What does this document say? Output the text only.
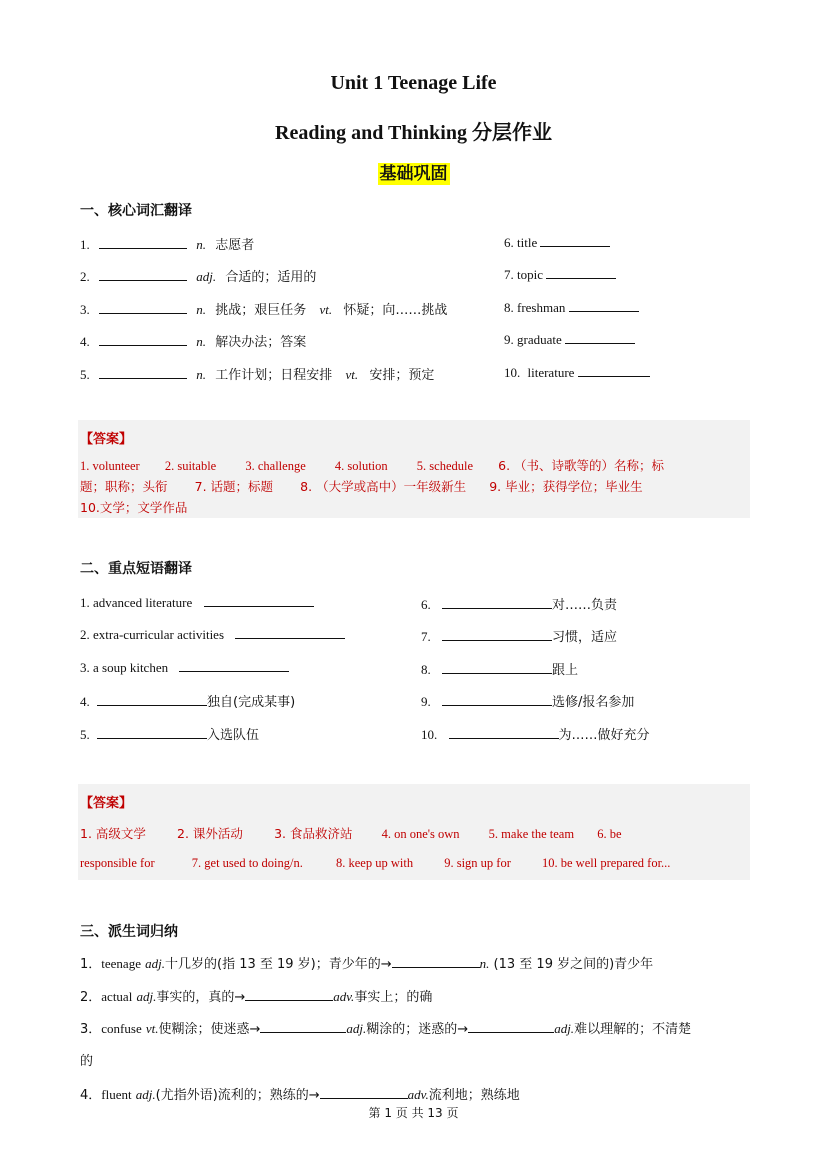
Unit 1 Teenage Life
Reading and Thinking 分层作业
基础巩固
一、核心词汇翻译
1.	n. 志愿者
2.	adj. 合适的；适用的
3.	n. 挑战；艰巨任务 vt. 怀疑；向……挑战
4.	n. 解决办法；答案
5.	n. 工作计划；日程安排 vt. 安排；预定
6. title
7. topic
8. freshman
9. graduate
10. literature
【答案】
1. volunteer 2. suitable 3. challenge 4. solution 5. schedule 6. （书、诗歌等的）名称；标
题；职称；头衔 7. 话题；标题 8. （大学或高中）一年级新生 9. 毕业；获得学位；毕业生
10.文学；文学作品
二、重点短语翻译
1. advanced literature
2. extra-curricular activities
3. a soup kitchen
4.	独自(完成某事)
5.	入选队伍
6.	对……负责
7.	习惯，适应
8.	跟上
9.	选修/报名参加
10.	为……做好充分
【答案】
1. 高级文学 2. 课外活动 3. 食品救济站 4. on one's own 5. make the team 6. be
responsible for	7. get used to doing/n.	8. keep up with 9. sign up for 10. be well prepared for...
三、派生词归纳
1．teenage adj.十几岁的(指 13 至 19 岁)；青少年的→	n. (13 至 19 岁之间的)青少年
2．actual adj.事实的，真的→	adv.事实上；的确
3．confuse vt.使糊涂；使迷惑→	adj.糊涂的；迷惑的→	adj.难以理解的；不清楚
的
4．fluent adj.(尤指外语)流利的；熟练的→	adv.流利地；熟练地
第 1 页 共 13 页
